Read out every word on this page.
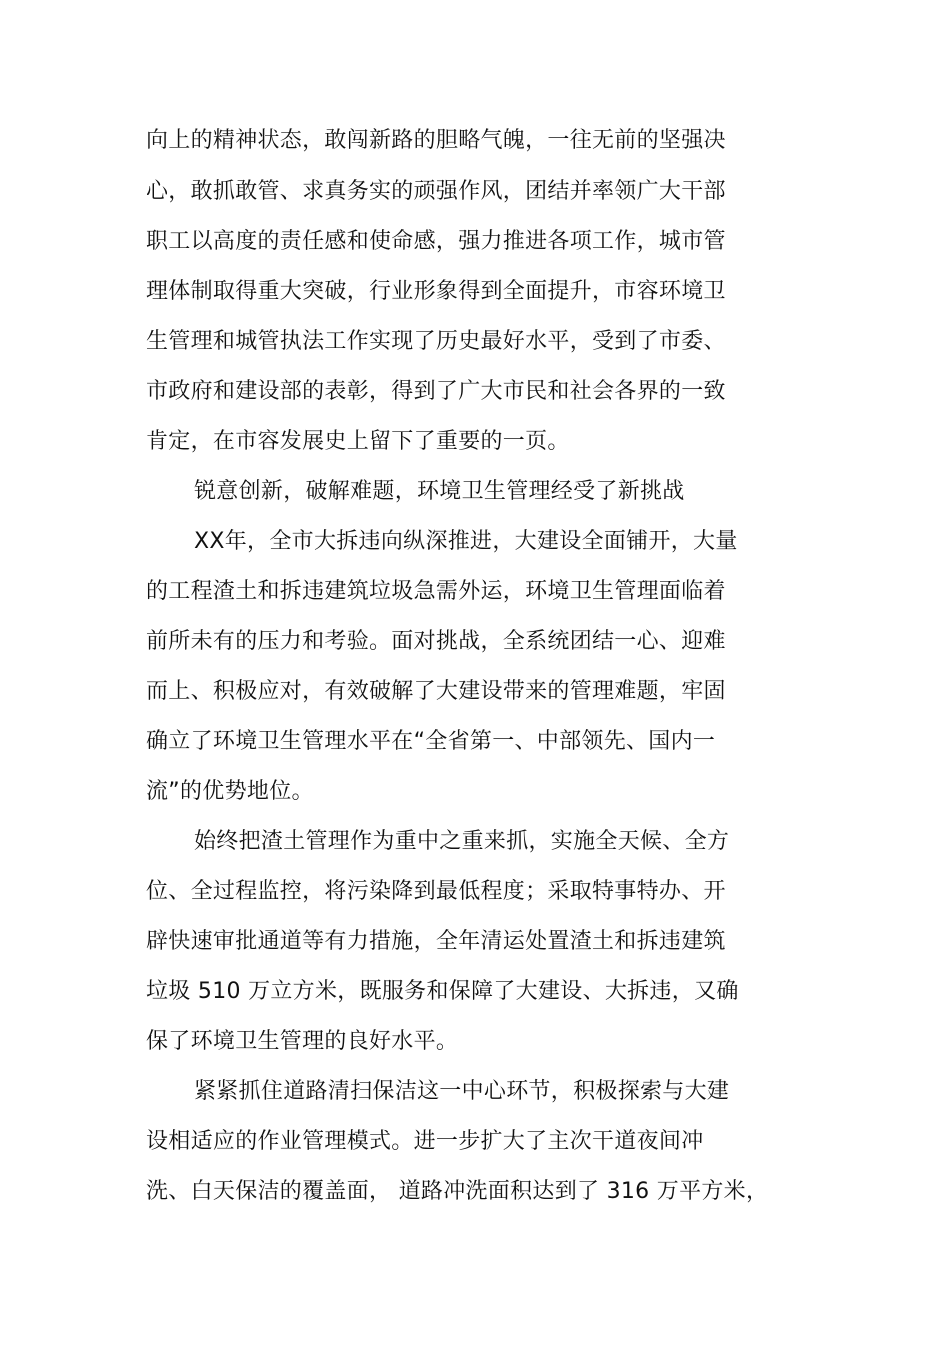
向上的精神状态，敢闯新路的胆略气魄，一往无前的坚强决
心，敢抓敢管、求真务实的顽强作风，团结并率领广大干部
职工以高度的责任感和使命感，强力推进各项工作，城市管
理体制取得重大突破，行业形象得到全面提升，市容环境卫
生管理和城管执法工作实现了历史最好水平，受到了市委、
市政府和建设部的表彰，得到了广大市民和社会各界的一致
肯定，在市容发展史上留下了重要的一页。
锐意创新，破解难题，环境卫生管理经受了新挑战
XX年，全市大拆违向纵深推进，大建设全面铺开，大量
的工程渣土和拆违建筑垃圾急需外运，环境卫生管理面临着
前所未有的压力和考验。面对挑战，全系统团结一心、迎难
而上、积极应对，有效破解了大建设带来的管理难题，牢固
确立了环境卫生管理水平在“全省第一、中部领先、国内一
流”的优势地位。
始终把渣土管理作为重中之重来抓，实施全天候、全方
位、全过程监控，将污染降到最低程度；采取特事特办、开
辟快速审批通道等有力措施，全年清运处置渣土和拆违建筑
垃圾 510 万立方米，既服务和保障了大建设、大拆违，又确
保了环境卫生管理的良好水平。
紧紧抓住道路清扫保洁这一中心环节，积极探索与大建
设相适应的作业管理模式。进一步扩大了主次干道夜间冲
洗、白天保洁的覆盖面， 道路冲洗面积达到了 316 万平方米，
